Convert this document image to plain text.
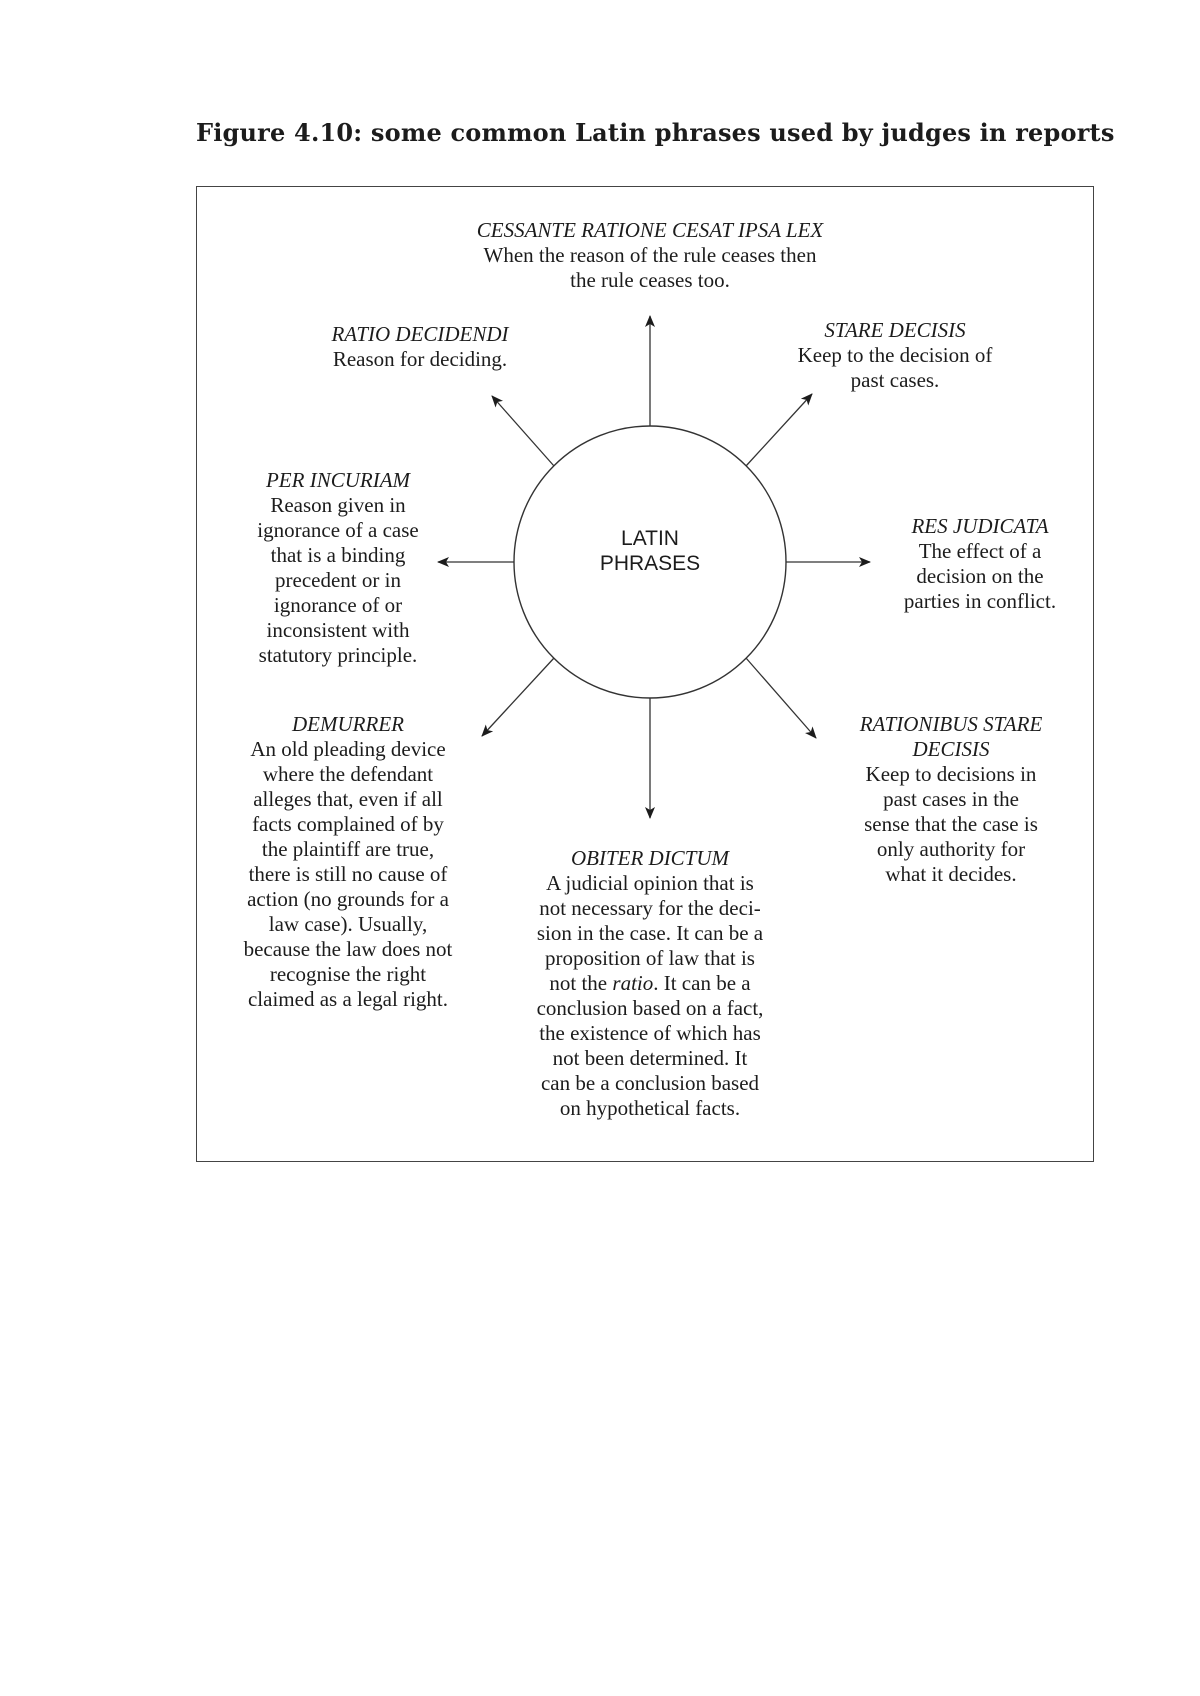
Figure 4.10: some common Latin phrases used by judges in reports
LATIN
PHRASES
CESSANTE RATIONE CESAT IPSA LEX
When the reason of the rule ceases then
the rule ceases too.
RATIO DECIDENDI
Reason for deciding.
STARE DECISIS
Keep to the decision of
past cases.
PER INCURIAM
Reason given in
ignorance of a case
that is a binding
precedent or in
ignorance of or
inconsistent with
statutory principle.
RES JUDICATA
The effect of a
decision on the
parties in conflict.
DEMURRER
An old pleading device
where the defendant
alleges that, even if all
facts complained of by
the plaintiff are true,
there is still no cause of
action (no grounds for a
law case). Usually,
because the law does not
recognise the right
claimed as a legal right.
RATIONIBUS STARE
DECISIS
Keep to decisions in
past cases in the
sense that the case is
only authority for
what it decides.
OBITER DICTUM
A judicial opinion that is
not necessary for the deci-
sion in the case. It can be a
proposition of law that is
not the ratio. It can be a
conclusion based on a fact,
the existence of which has
not been determined. It
can be a conclusion based
on hypothetical facts.
